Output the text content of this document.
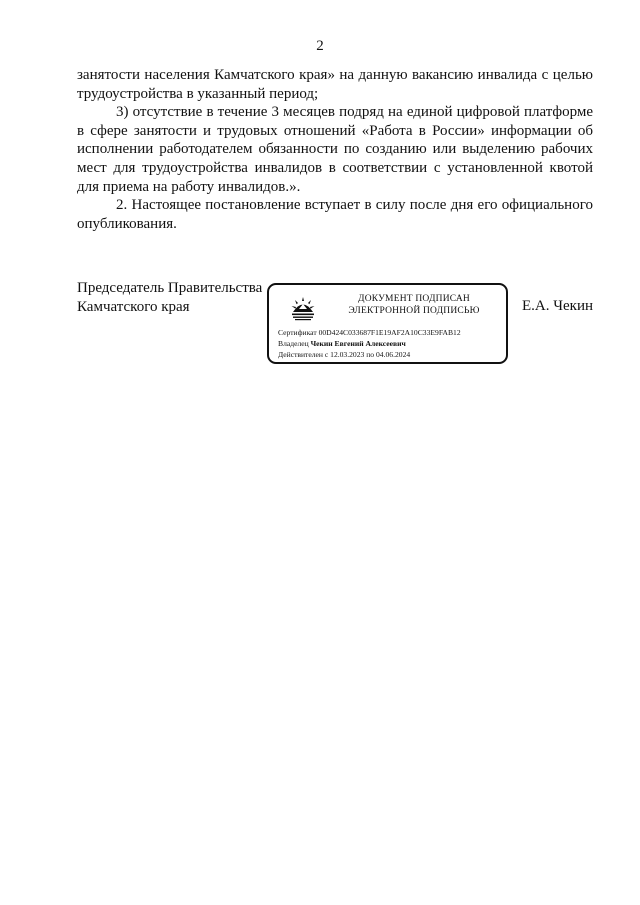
2

занятости населения Камчатского края» на данную вакансию инвалида с целью трудоустройства в указанный период;

3) отсутствие в течение 3 месяцев подряд на единой цифровой платформе в сфере занятости и трудовых отношений «Работа в России» информации об исполнении работодателем обязанности по созданию или выделению рабочих мест для трудоустройства инвалидов в соответствии с установленной квотой для приема на работу инвалидов.».

2. Настоящее постановление вступает в силу после дня его официального опубликования.

Председатель Правительства
Камчатского края	Е.А. Чекин
ДОКУМЕНТ ПОДПИСАН
ЭЛЕКТРОННОЙ ПОДПИСЬЮ
Сертификат 00D424C033687F1E19AF2A10C33E9FAB12
Владелец Чекин Евгений Алексеевич
Действителен с 12.03.2023 по 04.06.2024
